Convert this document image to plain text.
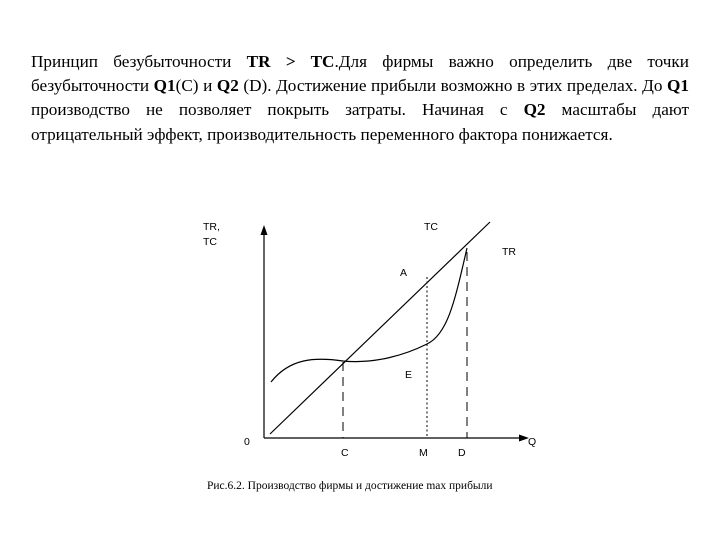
Принцип безубыточности TR > TC.Для фирмы важно определить две точки безубыточности Q1(C) и Q2 (D). Достижение прибыли возможно в этих пределах. До Q1 производство не позволяет покрыть затраты. Начиная с Q2 масштабы дают отрицательный эффект, производительность переменного фактора понижается.
TR,
TC
TC
TR
A
E
0	Q
C	M	D
Рис.6.2. Производство фирмы и достижение max прибыли
